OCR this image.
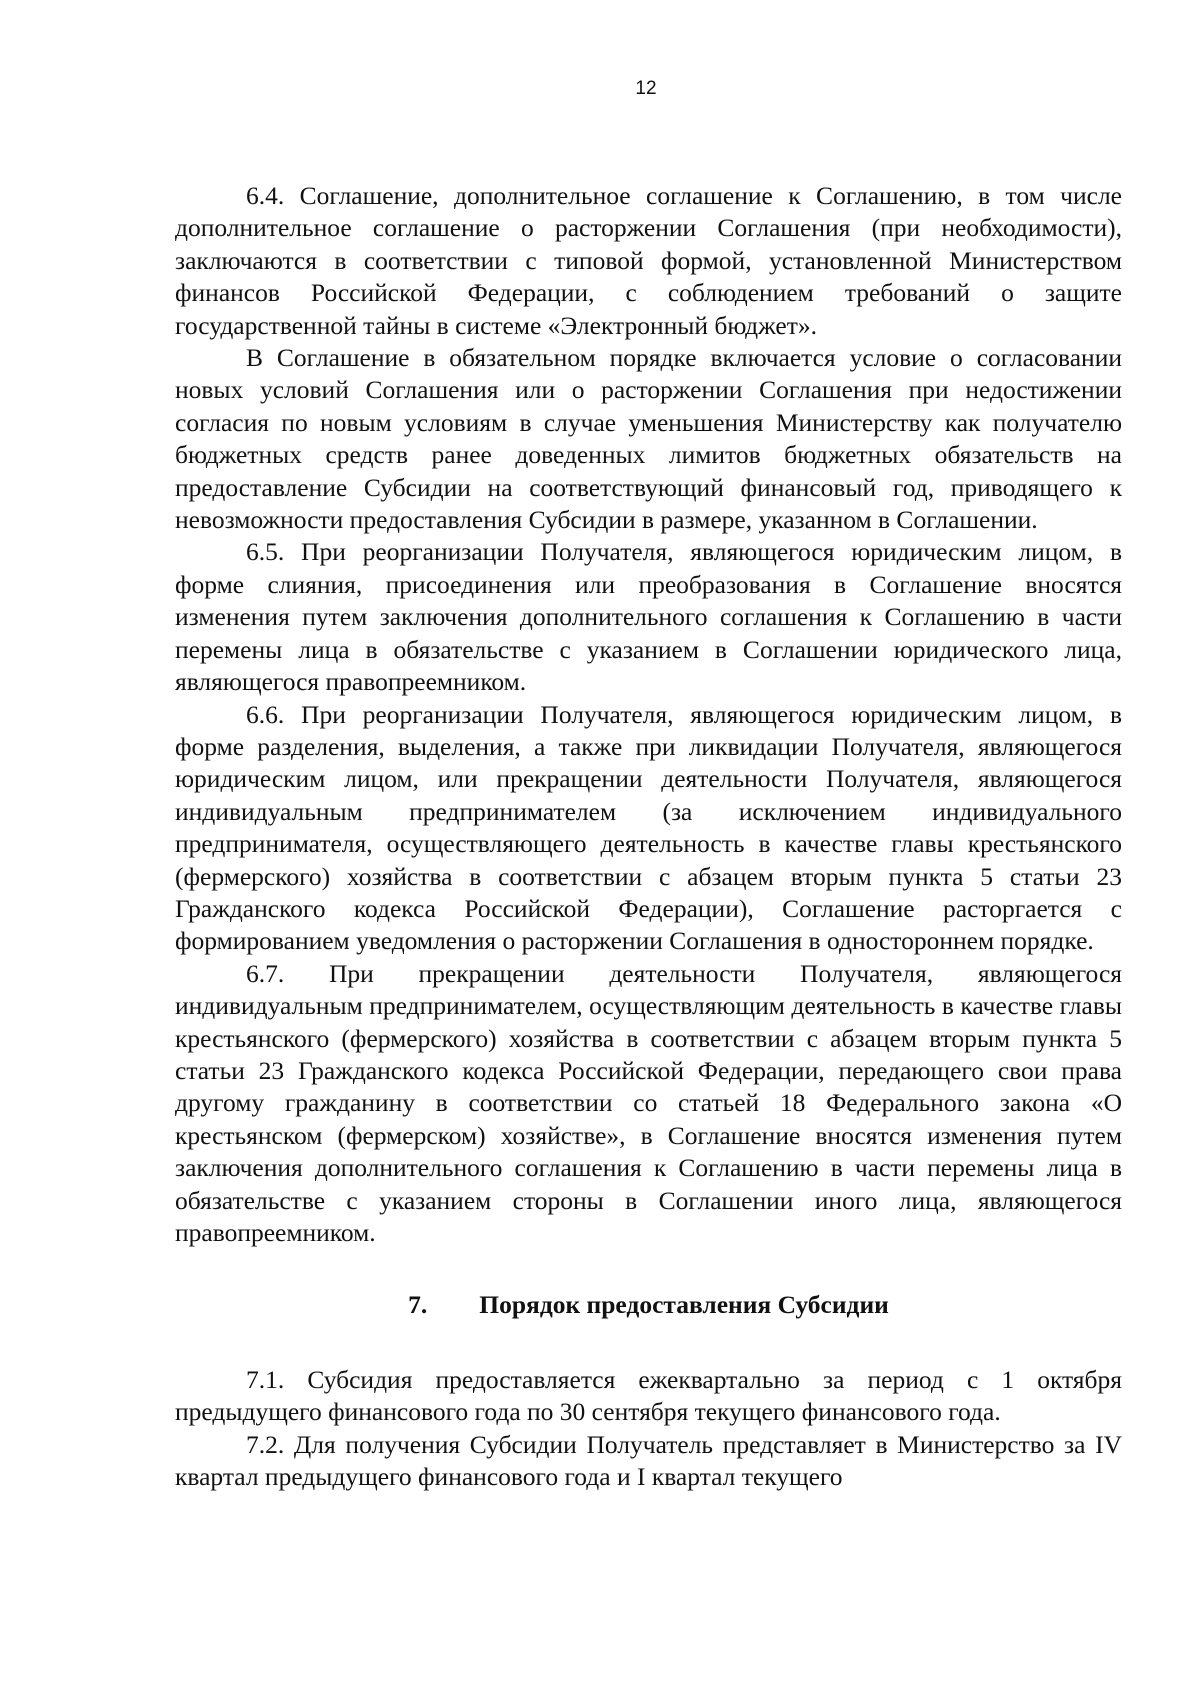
12

6.4. Соглашение, дополнительное соглашение к Соглашению, в том числе дополнительное соглашение о расторжении Соглашения (при необходимости), заключаются в соответствии с типовой формой, установленной Министерством финансов Российской Федерации, с соблюдением требований о защите государственной тайны в системе «Электронный бюджет».

В Соглашение в обязательном порядке включается условие о согласовании новых условий Соглашения или о расторжении Соглашения при недостижении согласия по новым условиям в случае уменьшения Министерству как получателю бюджетных средств ранее доведенных лимитов бюджетных обязательств на предоставление Субсидии на соответствующий финансовый год, приводящего к невозможности предоставления Субсидии в размере, указанном в Соглашении.

6.5. При реорганизации Получателя, являющегося юридическим лицом, в форме слияния, присоединения или преобразования в Соглашение вносятся изменения путем заключения дополнительного соглашения к Соглашению в части перемены лица в обязательстве с указанием в Соглашении юридического лица, являющегося правопреемником.

6.6. При реорганизации Получателя, являющегося юридическим лицом, в форме разделения, выделения, а также при ликвидации Получателя, являющегося юридическим лицом, или прекращении деятельности Получателя, являющегося индивидуальным предпринимателем (за исключением индивидуального предпринимателя, осуществляющего деятельность в качестве главы крестьянского (фермерского) хозяйства в соответствии с абзацем вторым пункта 5 статьи 23 Гражданского кодекса Российской Федерации), Соглашение расторгается с формированием уведомления о расторжении Соглашения в одностороннем порядке.

6.7. При прекращении деятельности Получателя, являющегося индивидуальным предпринимателем, осуществляющим деятельность в качестве главы крестьянского (фермерского) хозяйства в соответствии с абзацем вторым пункта 5 статьи 23 Гражданского кодекса Российской Федерации, передающего свои права другому гражданину в соответствии со статьей 18 Федерального закона «О крестьянском (фермерском) хозяйстве», в Соглашение вносятся изменения путем заключения дополнительного соглашения к Соглашению в части перемены лица в обязательстве с указанием стороны в Соглашении иного лица, являющегося правопреемником.

7. Порядок предоставления Субсидии

7.1. Субсидия предоставляется ежеквартально за период с 1 октября предыдущего финансового года по 30 сентября текущего финансового года.

7.2. Для получения Субсидии Получатель представляет в Министерство за IV квартал предыдущего финансового года и I квартал текущего
